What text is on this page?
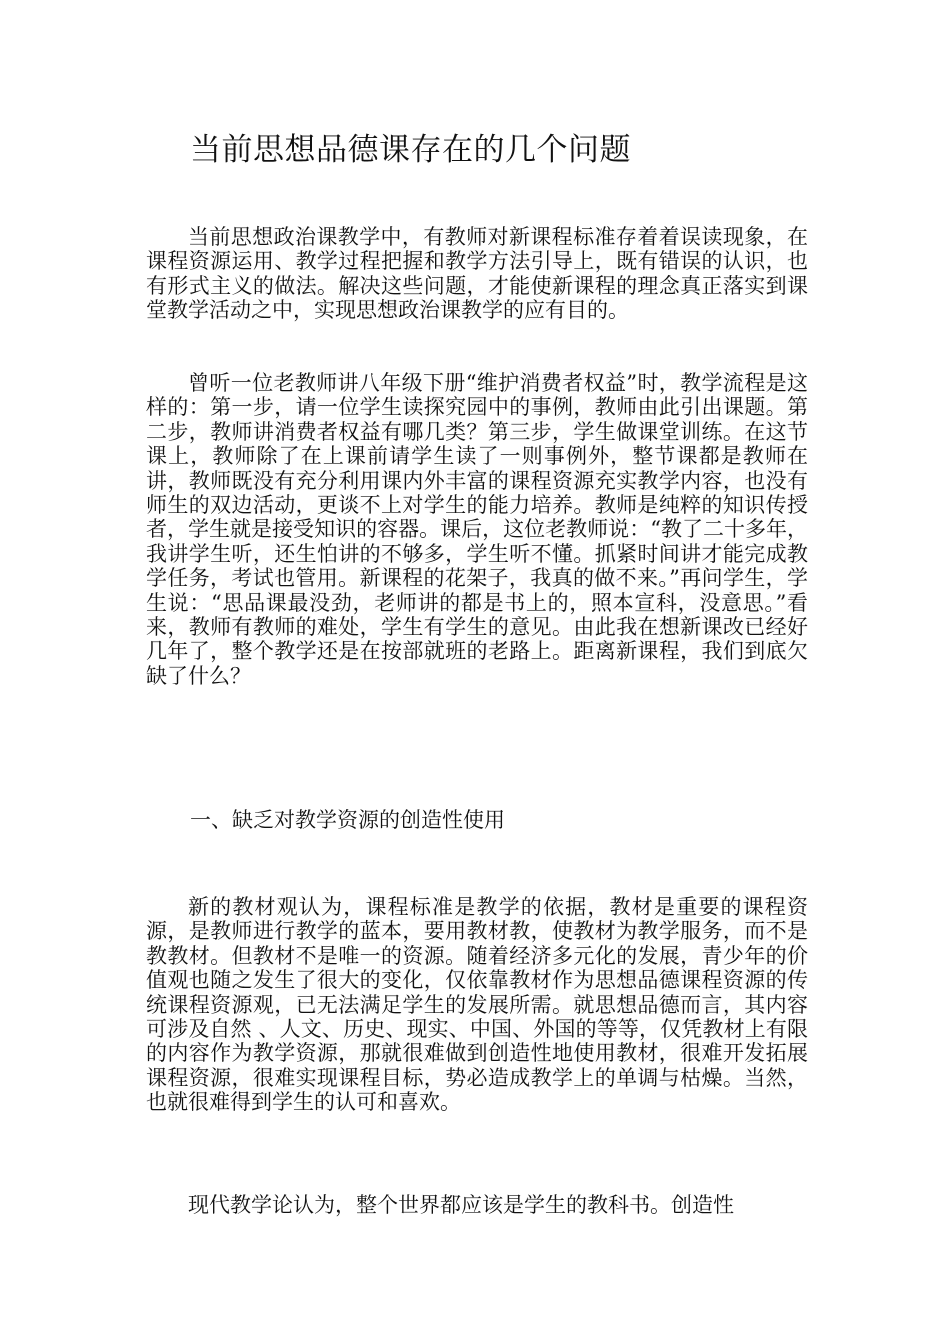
当前思想品德课存在的几个问题

当前思想政治课教学中，有教师对新课程标准存着着误读现象，在课程资源运用、教学过程把握和教学方法引导上，既有错误的认识，也有形式主义的做法。解决这些问题，才能使新课程的理念真正落实到课堂教学活动之中，实现思想政治课教学的应有目的。

曾听一位老教师讲八年级下册“维护消费者权益”时，教学流程是这样的：第一步，请一位学生读探究园中的事例，教师由此引出课题。第二步，教师讲消费者权益有哪几类？第三步，学生做课堂训练。在这节课上，教师除了在上课前请学生读了一则事例外，整节课都是教师在讲，教师既没有充分利用课内外丰富的课程资源充实教学内容，也没有师生的双边活动，更谈不上对学生的能力培养。教师是纯粹的知识传授者，学生就是接受知识的容器。课后，这位老教师说：“教了二十多年，我讲学生听，还生怕讲的不够多，学生听不懂。抓紧时间讲才能完成教学任务，考试也管用。新课程的花架子，我真的做不来。”再问学生，学生说：“思品课最没劲，老师讲的都是书上的，照本宣科，没意思。”看来，教师有教师的难处，学生有学生的意见。由此我在想新课改已经好几年了，整个教学还是在按部就班的老路上。距离新课程，我们到底欠缺了什么？

一、缺乏对教学资源的创造性使用

新的教材观认为，课程标准是教学的依据，教材是重要的课程资源，是教师进行教学的蓝本，要用教材教，使教材为教学服务，而不是教教材。但教材不是唯一的资源。随着经济多元化的发展，青少年的价值观也随之发生了很大的变化，仅依靠教材作为思想品德课程资源的传统课程资源观，已无法满足学生的发展所需。就思想品德而言，其内容可涉及自然 、人文、历史、现实、中国、外国的等等，仅凭教材上有限的内容作为教学资源，那就很难做到创造性地使用教材，很难开发拓展课程资源，很难实现课程目标，势必造成教学上的单调与枯燥。当然，也就很难得到学生的认可和喜欢。

现代教学论认为，整个世界都应该是学生的教科书。创造性
